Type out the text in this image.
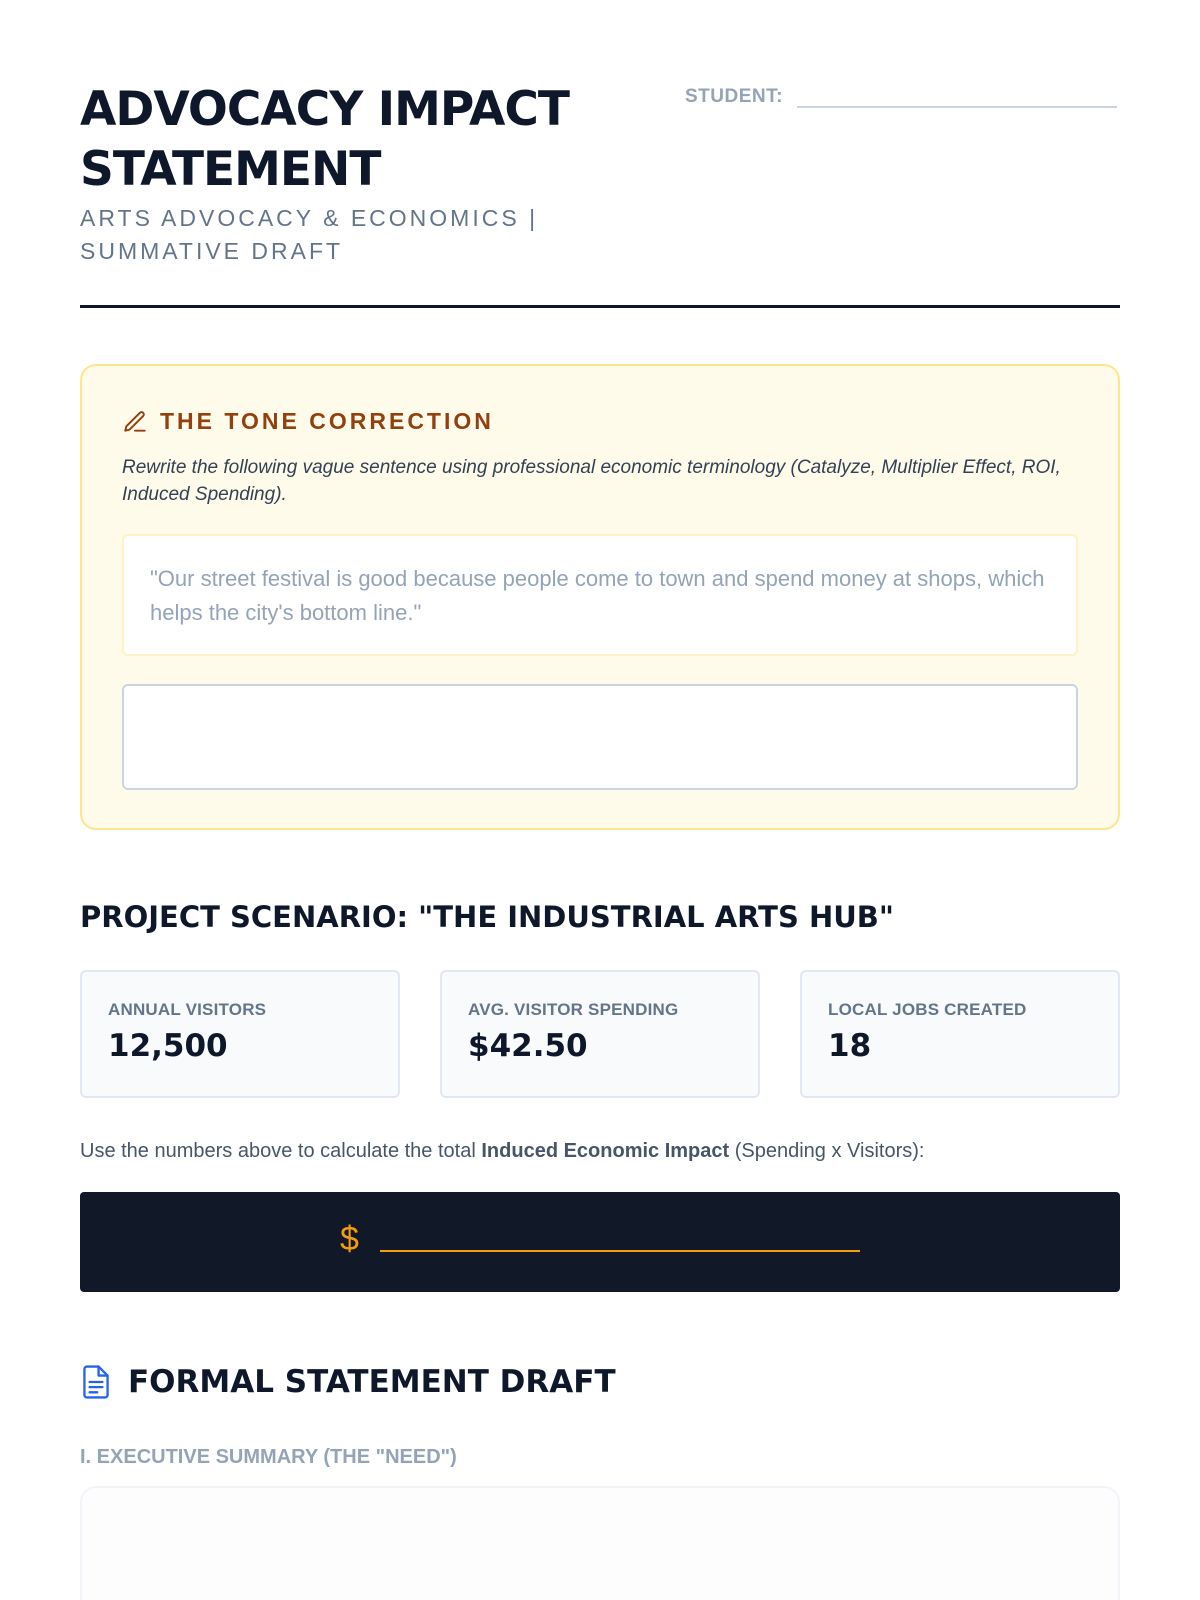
ADVOCACY IMPACT STATEMENT
ARTS ADVOCACY & ECONOMICS | SUMMATIVE DRAFT
STUDENT:
THE TONE CORRECTION

Rewrite the following vague sentence using professional economic terminology (Catalyze, Multiplier Effect, ROI, Induced Spending).

"Our street festival is good because people come to town and spend money at shops, which helps the city's bottom line."
PROJECT SCENARIO: "THE INDUSTRIAL ARTS HUB"
ANNUAL VISITORS
12,500
AVG. VISITOR SPENDING
$42.50
LOCAL JOBS CREATED
18

Use the numbers above to calculate the total Induced Economic Impact (Spending x Visitors):

$
FORMAL STATEMENT DRAFT
I. EXECUTIVE SUMMARY (THE "NEED")
